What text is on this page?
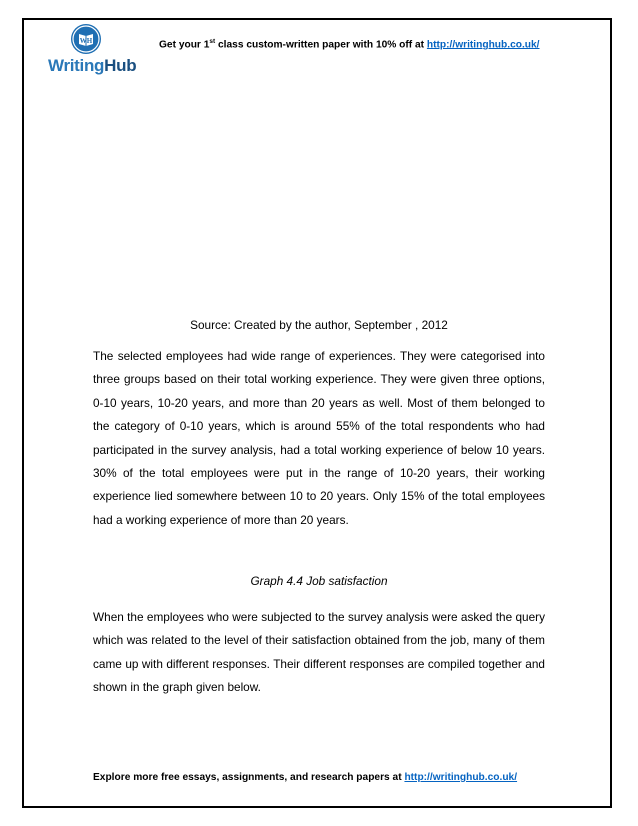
WH
WritingHub
Get your 1st class custom-written paper with 10% off at http://writinghub.co.uk/
Source: Created by the author, September , 2012

The selected employees had wide range of experiences. They were categorised into three groups based on their total working experience. They were given three options, 0-10 years, 10-20 years, and more than 20 years as well. Most of them belonged to the category of 0-10 years, which is around 55% of the total respondents who had participated in the survey analysis, had a total working experience of below 10 years. 30% of the total employees were put in the range of 10-20 years, their working experience lied somewhere between 10 to 20 years. Only 15% of the total employees had a working experience of more than 20 years.

Graph 4.4 Job satisfaction

When the employees who were subjected to the survey analysis were asked the query which was related to the level of their satisfaction obtained from the job, many of them came up with different responses. Their different responses are compiled together and shown in the graph given below.

Explore more free essays, assignments, and research papers at http://writinghub.co.uk/
